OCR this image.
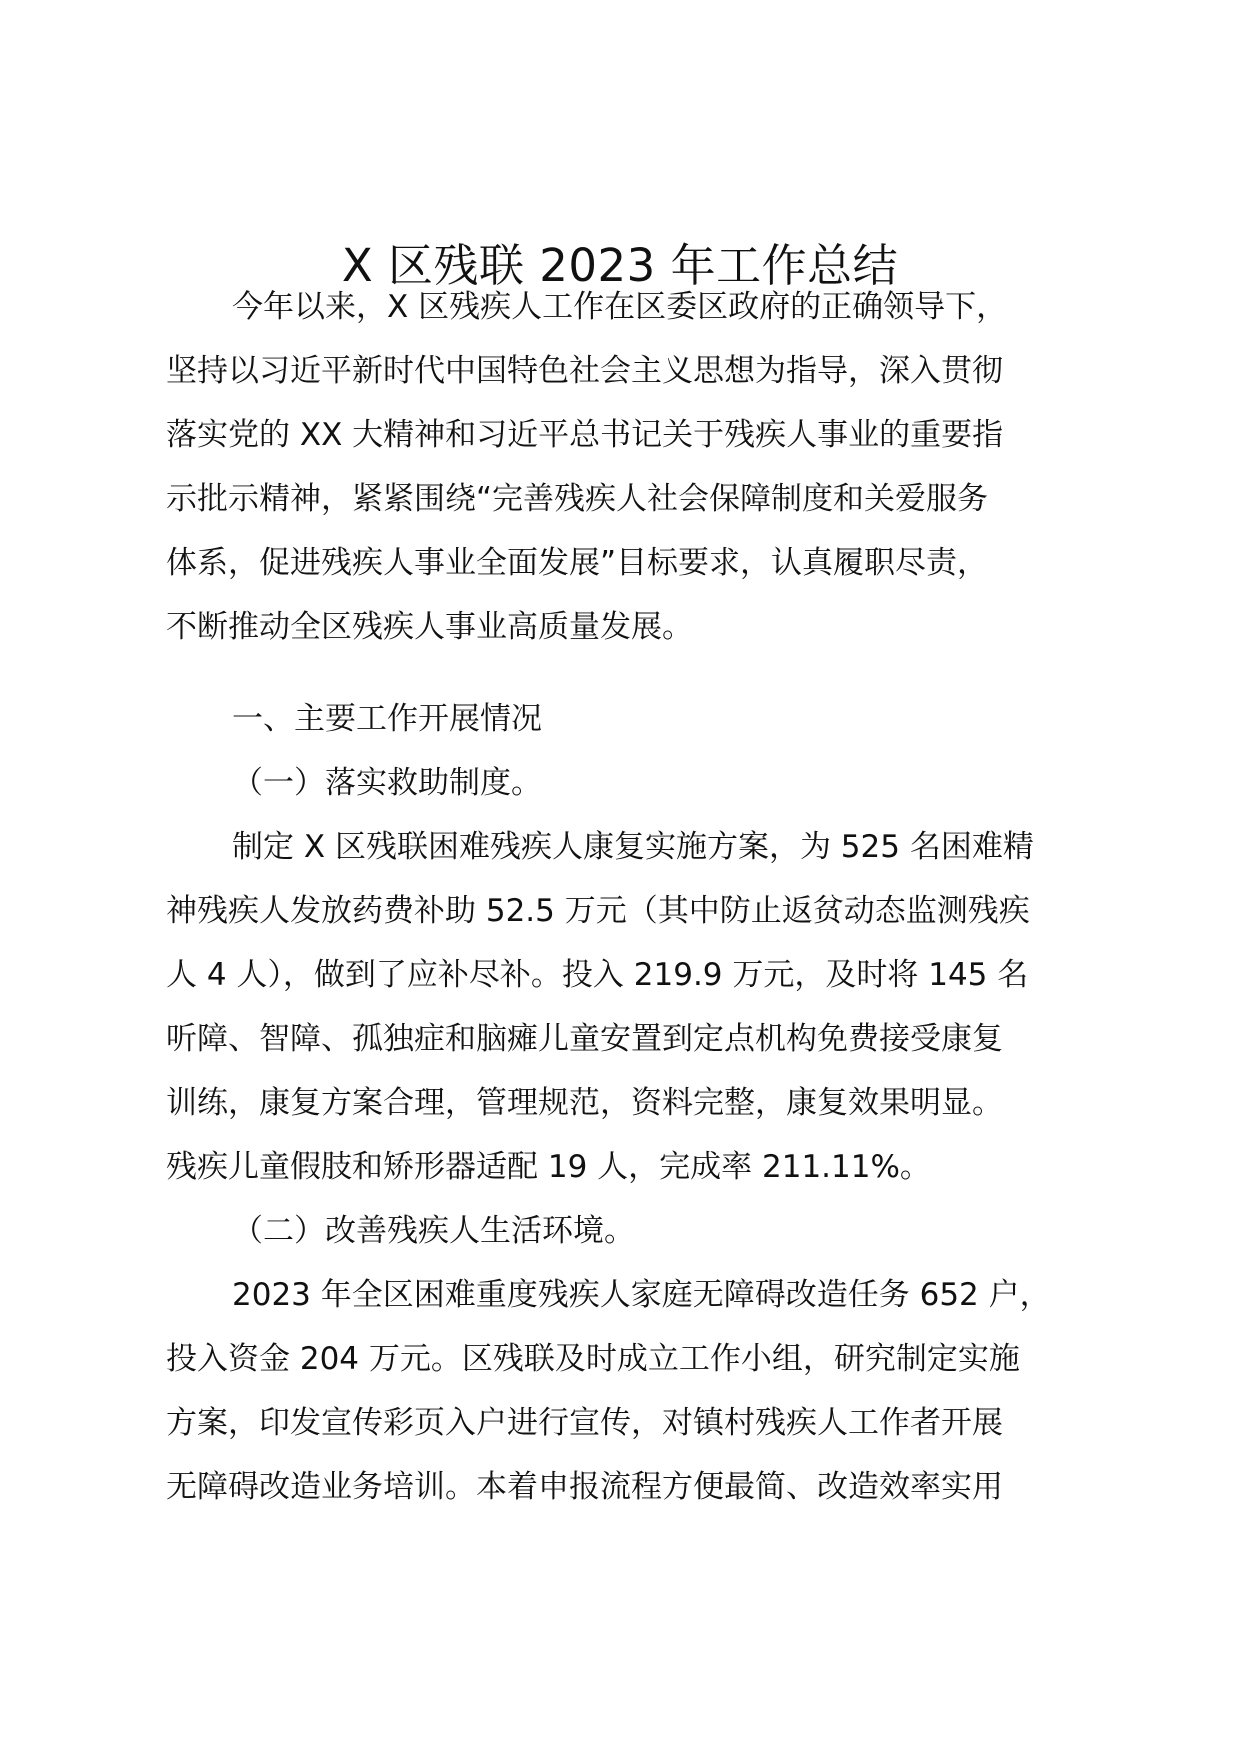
X 区残联 2023 年工作总结

今年以来，X 区残疾人工作在区委区政府的正确领导下，

坚持以习近平新时代中国特色社会主义思想为指导，深入贯彻

落实党的 XX 大精神和习近平总书记关于残疾人事业的重要指

示批示精神，紧紧围绕“完善残疾人社会保障制度和关爱服务

体系，促进残疾人事业全面发展”目标要求，认真履职尽责，

不断推动全区残疾人事业高质量发展。

一、主要工作开展情况

（一）落实救助制度。

制定 X 区残联困难残疾人康复实施方案，为 525 名困难精

神残疾人发放药费补助 52.5 万元（其中防止返贫动态监测残疾

人 4 人），做到了应补尽补。投入 219.9 万元，及时将 145 名

听障、智障、孤独症和脑瘫儿童安置到定点机构免费接受康复

训练，康复方案合理，管理规范，资料完整，康复效果明显。

残疾儿童假肢和矫形器适配 19 人，完成率 211.11%。

（二）改善残疾人生活环境。

2023 年全区困难重度残疾人家庭无障碍改造任务 652 户，

投入资金 204 万元。区残联及时成立工作小组，研究制定实施

方案，印发宣传彩页入户进行宣传，对镇村残疾人工作者开展

无障碍改造业务培训。本着申报流程方便最简、改造效率实用
